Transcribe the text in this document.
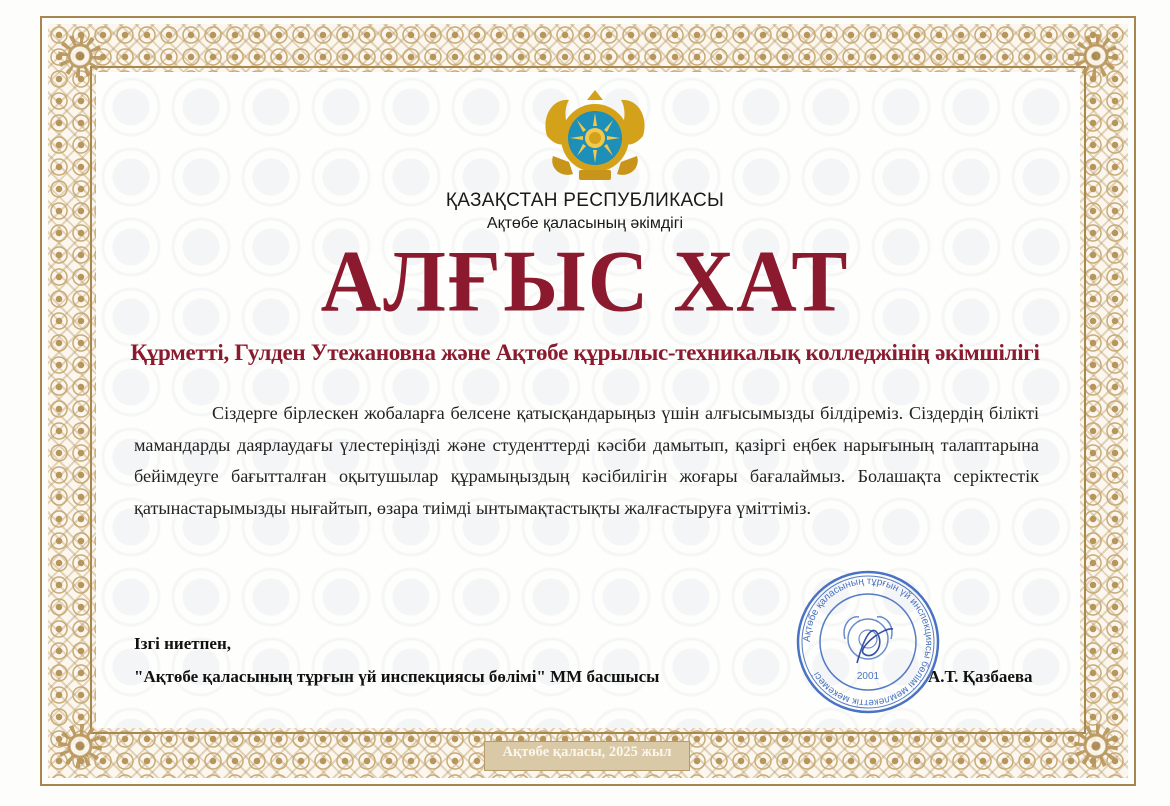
ҚАЗАҚСТАН РЕСПУБЛИКАСЫ
Ақтөбе қаласының әкімдігі
АЛҒЫС ХАТ
Құрметті, Гулден Утежановна және Ақтөбе құрылыс-техникалық колледжінің әкімшілігі

Сіздерге бірлескен жобаларға белсене қатысқандарыңыз үшін алғысымызды білдіреміз. Сіздердің білікті мамандарды даярлаудағы үлестеріңізді және студенттерді кәсіби дамытып, қазіргі еңбек нарығының талаптарына бейімдеуге бағытталған оқытушылар құрамыңыздың кәсібилігін жоғары бағалаймыз. Болашақта серіктестік қатынастарымызды нығайтып, өзара тиімді ынтымақтастықты жалғастыруға үміттіміз.

Ізгі ниетпен,
"Ақтөбе қаласының тұрғын үй инспекциясы бөлімі" ММ басшысы
Ақтөбе қаласының тұрғын үй инспекциясы бөлімі мемлекеттік мекемесі	2001	А.Т. Қазбаева
Ақтөбе қаласы, 2025 жыл
